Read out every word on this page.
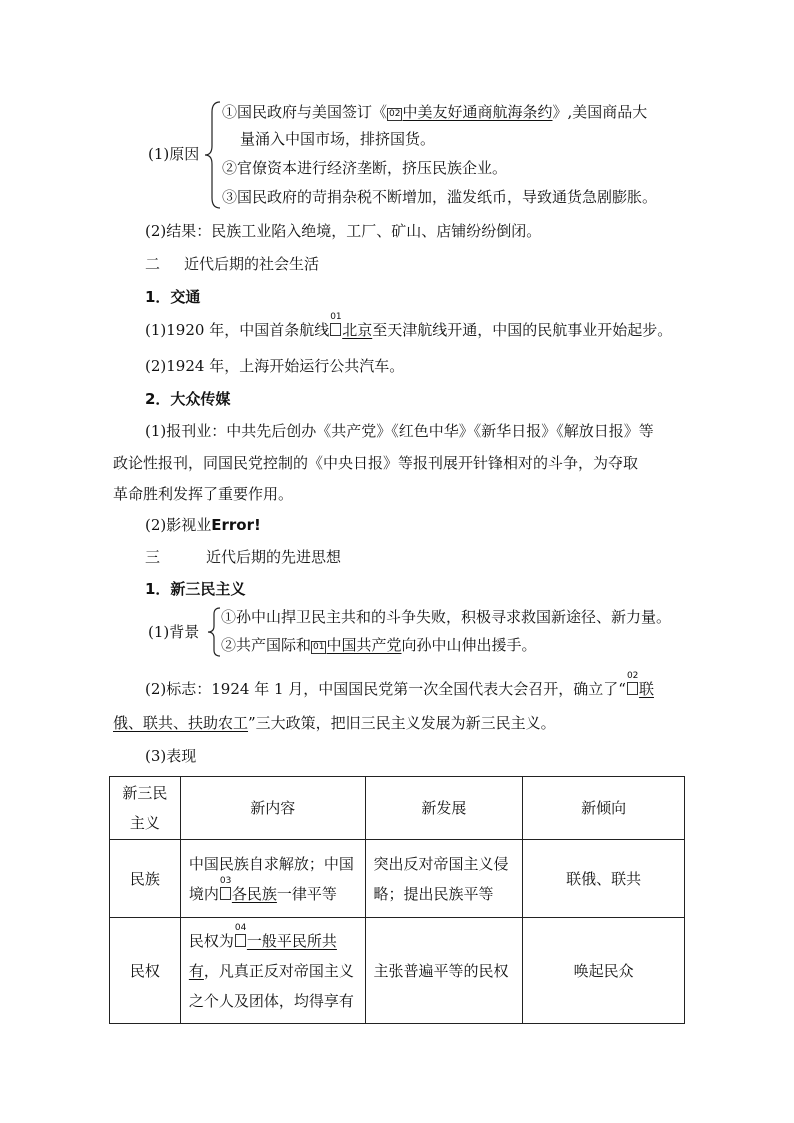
(1)原因
①国民政府与美国签订《 02 中美友好通商航海条约》,美国商品大
量涌入中国市场，排挤国货。
②官僚资本进行经济垄断，挤压民族企业。
③国民政府的苛捐杂税不断增加，滥发纸币，导致通货急剧膨胀。
(2)结果：民族工业陷入绝境，工厂、矿山、店铺纷纷倒闭。
二 近代后期的社会生活
1．交通
(1)1920 年，中国首条航线
01
北京至天津航线开通，中国的民航事业开始起步。
(2)1924 年，上海开始运行公共汽车。
2．大众传媒
(1)报刊业：中共先后创办《共产党》《红色中华》《新华日报》《解放日报》等
政论性报刊，同国民党控制的《中央日报》等报刊展开针锋相对的斗争，为夺取
革命胜利发挥了重要作用。
(2)影视业Error!
三	近代后期的先进思想
1．新三民主义
(1)背景
①孙中山捍卫民主共和的斗争失败，积极寻求救国新途径、新力量。
②共产国际和 01 中国共产党向孙中山伸出援手。
(2)标志：1924 年 1 月，中国国民党第一次全国代表大会召开，确立了“
02
联
俄、联共、扶助农工”三大政策，把旧三民主义发展为新三民主义。
(3)表现
新三民
主义	新内容	新发展	新倾向
民族	中国民族自求解放；中国
境内
03
各民族一律平等	突出反对帝国主义侵
略；提出民族平等	联俄、联共
民权	民权为
04
一般平民所共
有，凡真正反对帝国主义
之个人及团体，均得享有	主张普遍平等的民权	唤起民众
